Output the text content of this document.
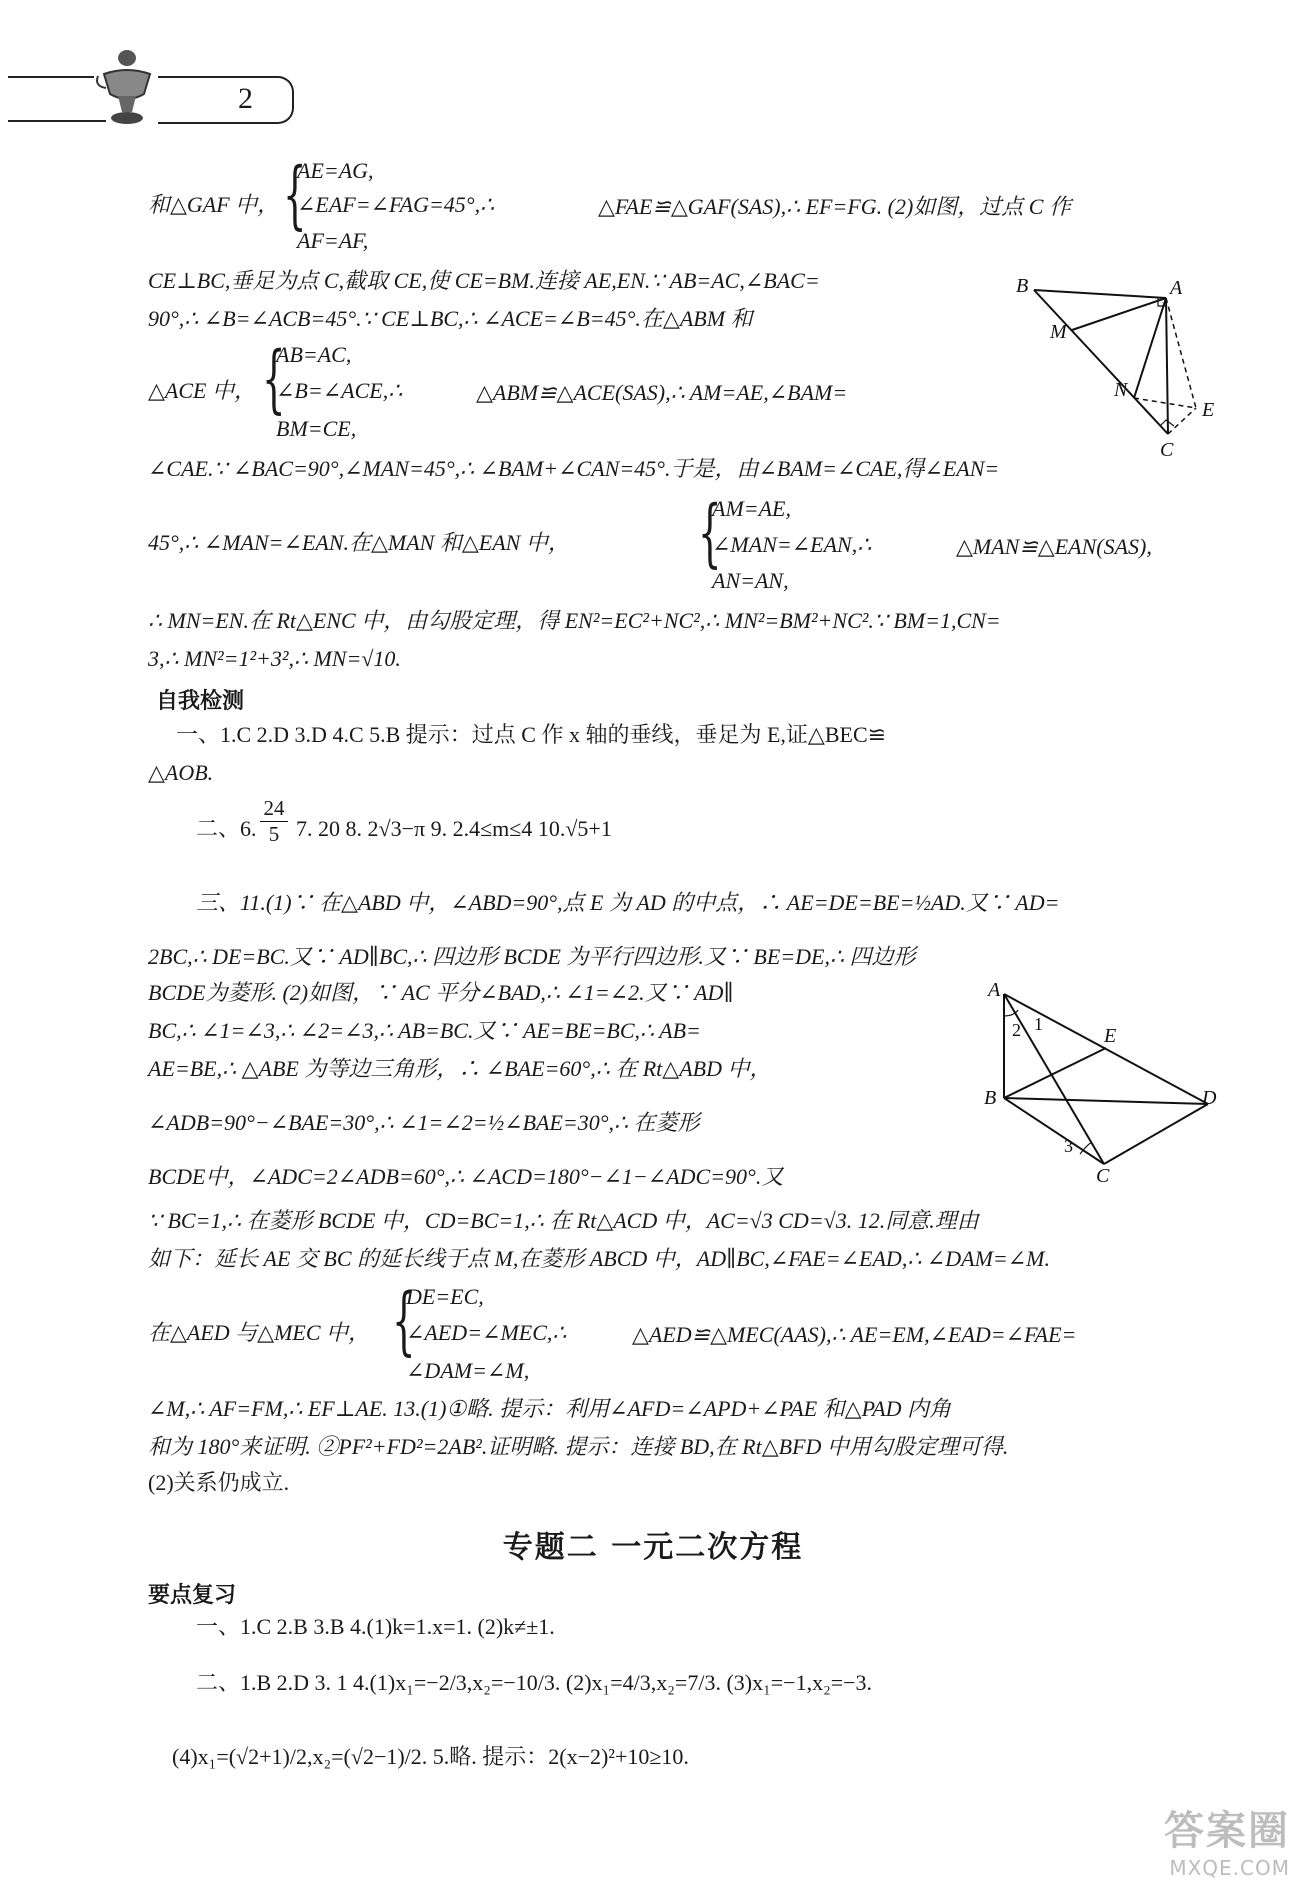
2
和△GAF 中， {
AE=AG,
∠EAF=∠FAG=45°,∴
AF=AF,
△FAE≌△GAF(SAS),∴ EF=FG. (2)如图，过点 C 作
CE⊥BC,垂足为点 C,截取 CE,使 CE=BM.连接 AE,EN.∵ AB=AC,∠BAC=
90°,∴ ∠B=∠ACB=45°.∵ CE⊥BC,∴ ∠ACE=∠B=45°.在△ABM 和
△ACE 中， {
AB=AC,
∠B=∠ACE,∴
BM=CE,
△ABM≌△ACE(SAS),∴ AM=AE,∠BAM=
∠CAE.∵ ∠BAC=90°,∠MAN=45°,∴ ∠BAM+∠CAN=45°.于是，由∠BAM=∠CAE,得∠EAN=
45°,∴ ∠MAN=∠EAN.在△MAN 和△EAN 中， {
AM=AE,
∠MAN=∠EAN,∴
AN=AN,
△MAN≌△EAN(SAS),
∴ MN=EN.在 Rt△ENC 中，由勾股定理，得 EN²=EC²+NC²,∴ MN²=BM²+NC².∵ BM=1,CN=
3,∴ MN²=1²+3²,∴ MN=√10.
B	A
M
N
E
C
自我检测
一、1.C 2.D 3.D 4.C 5.B 提示：过点 C 作 x 轴的垂线，垂足为 E,证△BEC≌
△AOB.
二、6. $\frac{24}{5} 7$. 20 8. 2√3−π 9. 2.4≤m≤4 10.√5+1
三、11.(1)∵ 在△ABD 中，∠ABD=90°,点 E 为 AD 的中点，∴ AE=DE=BE=½AD.又∵ AD=
2BC,∴ DE=BC.又∵ AD∥BC,∴ 四边形 BCDE 为平行四边形.又∵ BE=DE,∴ 四边形
BCDE为菱形. (2)如图，∵ AC 平分∠BAD,∴ ∠1=∠2.又∵ AD∥
BC,∴ ∠1=∠3,∴ ∠2=∠3,∴ AB=BC.又∵ AE=BE=BC,∴ AB=
AE=BE,∴ △ABE 为等边三角形，∴ ∠BAE=60°,∴ 在 Rt△ABD 中，
∠ADB=90°−∠BAE=30°,∴ ∠1=∠2=½∠BAE=30°,∴ 在菱形
BCDE中，∠ADC=2∠ADB=60°,∴ ∠ACD=180°−∠1−∠ADC=90°.又
∵ BC=1,∴ 在菱形 BCDE 中，CD=BC=1,∴ 在 Rt△ACD 中，AC=√3 CD=√3. 12.同意.理由
如下：延长 AE 交 BC 的延长线于点 M,在菱形 ABCD 中，AD∥BC,∠FAE=∠EAD,∴ ∠DAM=∠M.
在△AED 与△MEC 中， {
DE=EC,
∠AED=∠MEC,∴
∠DAM=∠M,
△AED≌△MEC(AAS),∴ AE=EM,∠EAD=∠FAE=
∠M,∴ AF=FM,∴ EF⊥AE. 13.(1)①略. 提示：利用∠AFD=∠APD+∠PAE 和△PAD 内角
和为 180°来证明. ②PF²+FD²=2AB².证明略. 提示：连接 BD,在 Rt△BFD 中用勾股定理可得.
(2)关系仍成立.
A
E
B	D
C
1
2
3
专题二 一元二次方程
要点复习
一、1.C 2.B 3.B 4.(1)k=1.x=1. (2)k≠±1.
二、1.B 2.D 3. 1 4.(1)x₁=−2/3,x₂=−10/3. (2)x₁=4/3,x₂=7/3. (3)x₁=−1,x₂=−3.
(4)x₁=(√2+1)/2,x₂=(√2−1)/2. 5.略. 提示：2(x−2)²+10≥10.
答案圈
MXQE.COM
